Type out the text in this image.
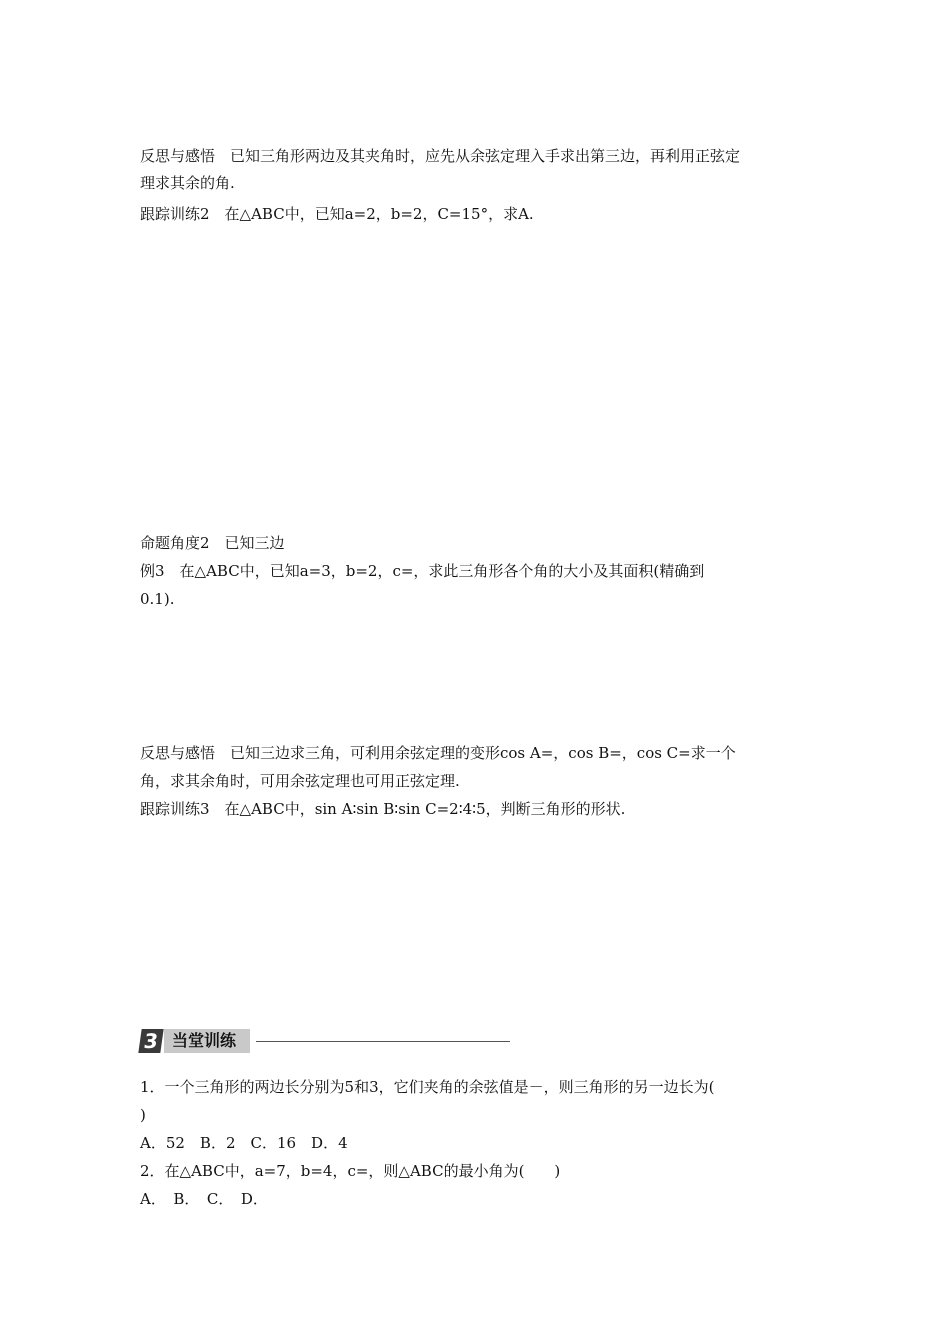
反思与感悟　已知三角形两边及其夹角时，应先从余弦定理入手求出第三边，再利用正弦定
理求其余的角.
跟踪训练2　在△ABC中，已知a=2，b=2，C=15°，求A.
命题角度2　已知三边
例3　在△ABC中，已知a=3，b=2，c=，求此三角形各个角的大小及其面积(精确到
0.1).
反思与感悟　已知三边求三角，可利用余弦定理的变形cos A=，cos B=，cos C=求一个
角，求其余角时，可用余弦定理也可用正弦定理.
跟踪训练3　在△ABC中，sin A∶sin B∶sin C=2∶4∶5，判断三角形的形状.
3 当堂训练
1．一个三角形的两边长分别为5和3，它们夹角的余弦值是－，则三角形的另一边长为(
)
A．52　B．2　C．16　D．4
2．在△ABC中，a=7，b=4，c=，则△ABC的最小角为(　　)
A．　B．　C．　D．
